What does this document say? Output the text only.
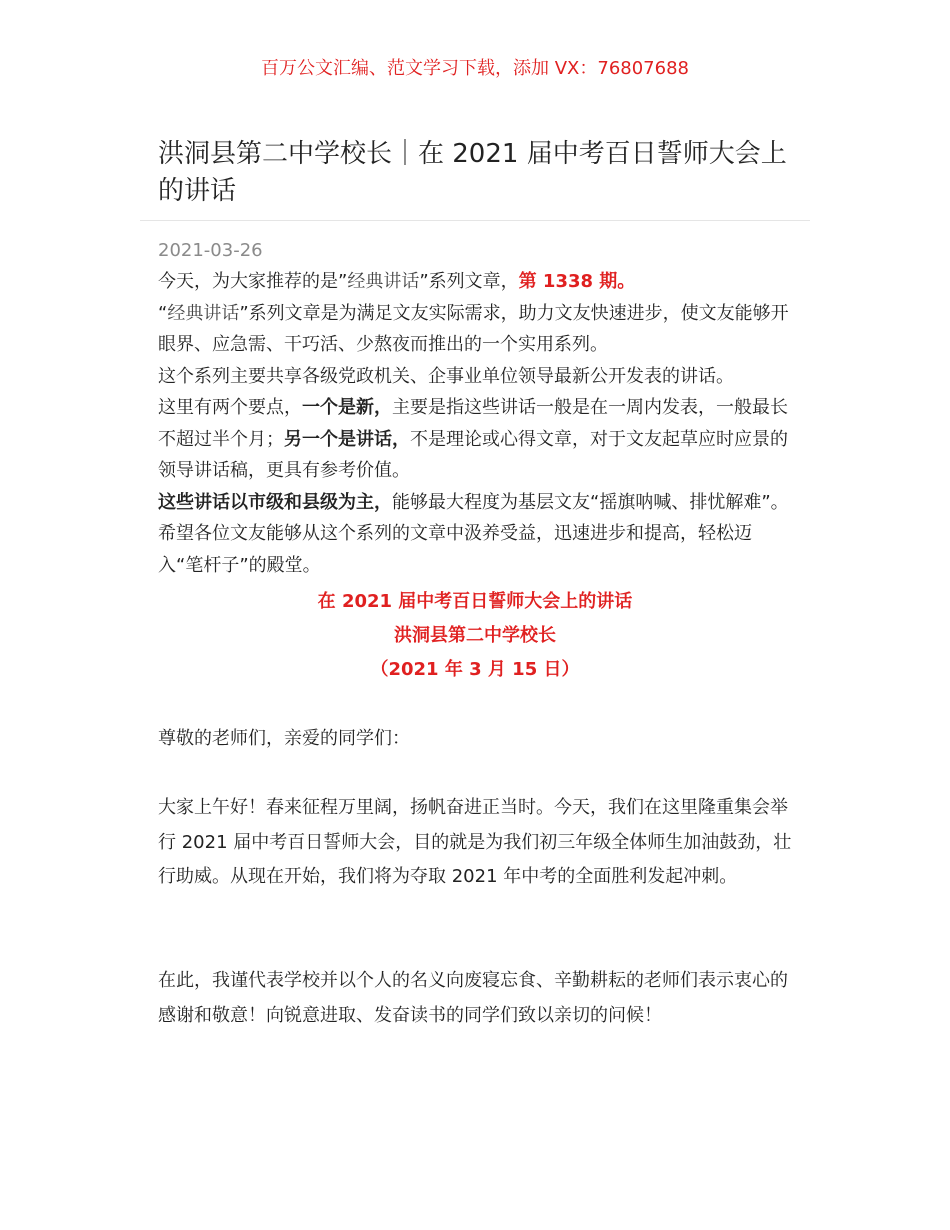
百万公文汇编、范文学习下载，添加 VX：76807688
洪洞县第二中学校长｜在 2021 届中考百日誓师大会上的讲话
2021-03-26

今天，为大家推荐的是”经典讲话”系列文章，第 1338 期。

“经典讲话”系列文章是为满足文友实际需求，助力文友快速进步，使文友能够开眼界、应急需、干巧活、少熬夜而推出的一个实用系列。

这个系列主要共享各级党政机关、企事业单位领导最新公开发表的讲话。

这里有两个要点，一个是新，主要是指这些讲话一般是在一周内发表，一般最长不超过半个月；另一个是讲话，不是理论或心得文章，对于文友起草应时应景的领导讲话稿，更具有参考价值。

这些讲话以市级和县级为主，能够最大程度为基层文友“摇旗呐喊、排忧解难”。希望各位文友能够从这个系列的文章中汲养受益，迅速进步和提高，轻松迈入“笔杆子”的殿堂。

在 2021 届中考百日誓师大会上的讲话
洪洞县第二中学校长
（2021 年 3 月 15 日）

尊敬的老师们，亲爱的同学们：

大家上午好！春来征程万里阔，扬帆奋进正当时。今天，我们在这里隆重集会举行 2021 届中考百日誓师大会，目的就是为我们初三年级全体师生加油鼓劲，壮行助威。从现在开始，我们将为夺取 2021 年中考的全面胜利发起冲刺。

在此，我谨代表学校并以个人的名义向废寝忘食、辛勤耕耘的老师们表示衷心的感谢和敬意！向锐意进取、发奋读书的同学们致以亲切的问候！
